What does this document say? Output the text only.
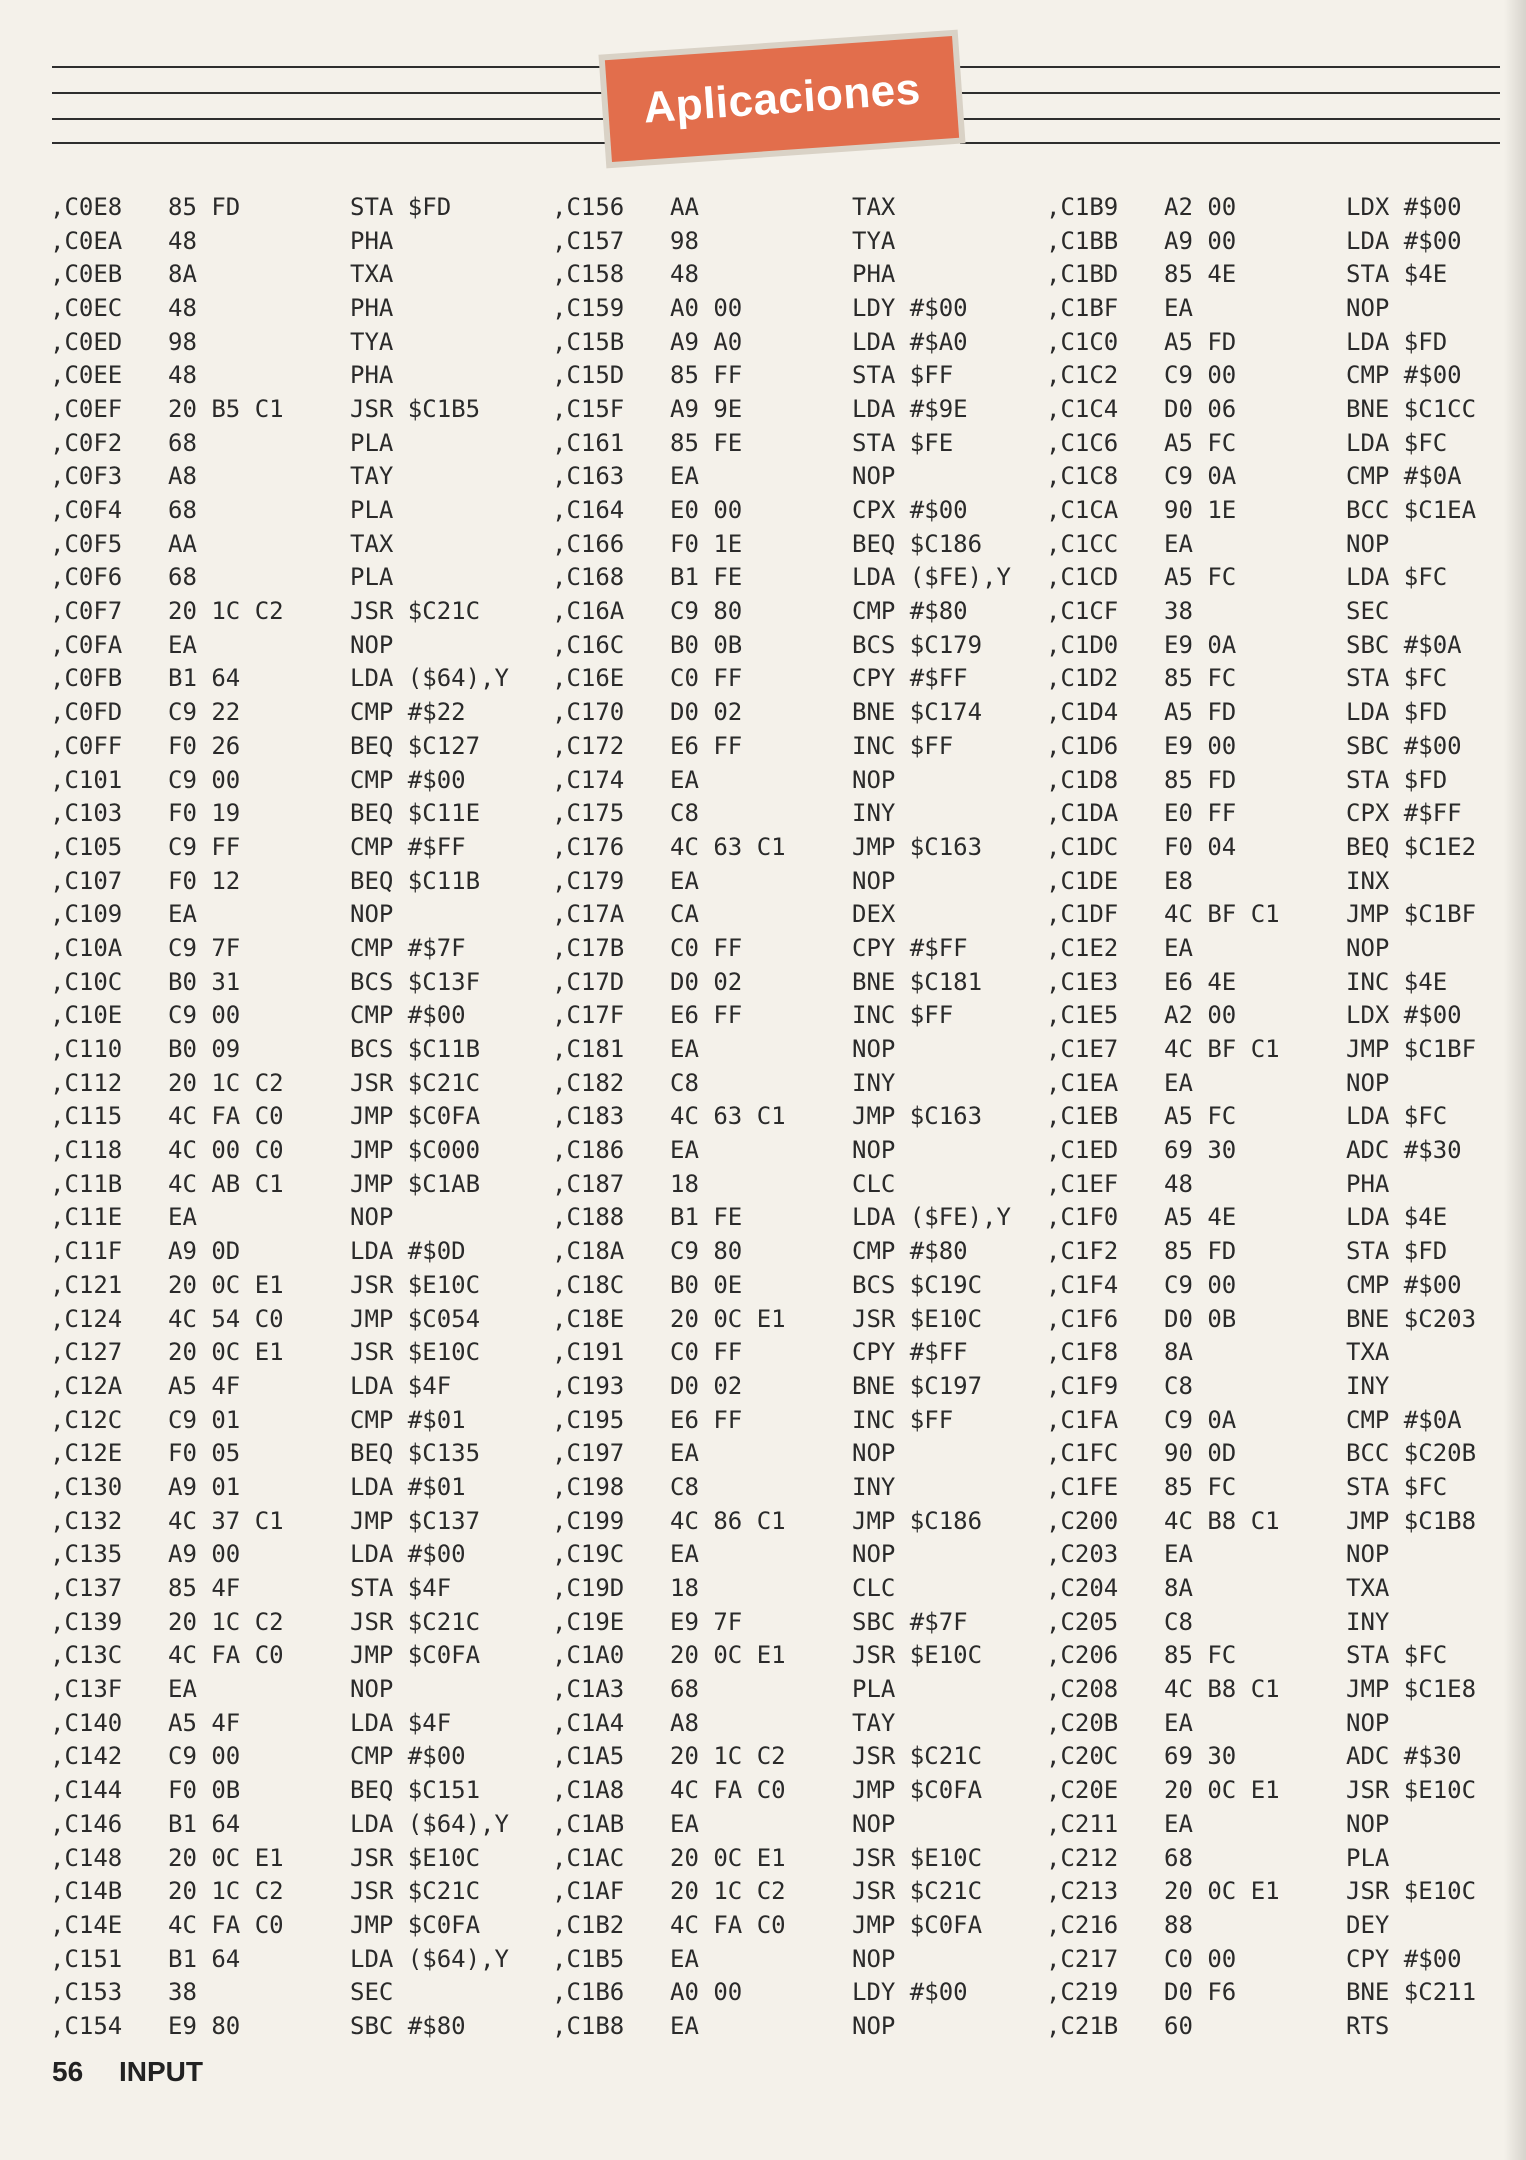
Aplicaciones
,C0E8	85 FD	STA $FD
,C0EA	48	PHA
,C0EB	8A	TXA
,C0EC	48	PHA
,C0ED	98	TYA
,C0EE	48	PHA
,C0EF	20 B5 C1	JSR $C1B5
,C0F2	68	PLA
,C0F3	A8	TAY
,C0F4	68	PLA
,C0F5	AA	TAX
,C0F6	68	PLA
,C0F7	20 1C C2	JSR $C21C
,C0FA	EA	NOP
,C0FB	B1 64	LDA ($64),Y
,C0FD	C9 22	CMP #$22
,C0FF	F0 26	BEQ $C127
,C101	C9 00	CMP #$00
,C103	F0 19	BEQ $C11E
,C105	C9 FF	CMP #$FF
,C107	F0 12	BEQ $C11B
,C109	EA	NOP
,C10A	C9 7F	CMP #$7F
,C10C	B0 31	BCS $C13F
,C10E	C9 00	CMP #$00
,C110	B0 09	BCS $C11B
,C112	20 1C C2	JSR $C21C
,C115	4C FA C0	JMP $C0FA
,C118	4C 00 C0	JMP $C000
,C11B	4C AB C1	JMP $C1AB
,C11E	EA	NOP
,C11F	A9 0D	LDA #$0D
,C121	20 0C E1	JSR $E10C
,C124	4C 54 C0	JMP $C054
,C127	20 0C E1	JSR $E10C
,C12A	A5 4F	LDA $4F
,C12C	C9 01	CMP #$01
,C12E	F0 05	BEQ $C135
,C130	A9 01	LDA #$01
,C132	4C 37 C1	JMP $C137
,C135	A9 00	LDA #$00
,C137	85 4F	STA $4F
,C139	20 1C C2	JSR $C21C
,C13C	4C FA C0	JMP $C0FA
,C13F	EA	NOP
,C140	A5 4F	LDA $4F
,C142	C9 00	CMP #$00
,C144	F0 0B	BEQ $C151
,C146	B1 64	LDA ($64),Y
,C148	20 0C E1	JSR $E10C
,C14B	20 1C C2	JSR $C21C
,C14E	4C FA C0	JMP $C0FA
,C151	B1 64	LDA ($64),Y
,C153	38	SEC
,C154	E9 80	SBC #$80
,C156	AA	TAX
,C157	98	TYA
,C158	48	PHA
,C159	A0 00	LDY #$00
,C15B	A9 A0	LDA #$A0
,C15D	85 FF	STA $FF
,C15F	A9 9E	LDA #$9E
,C161	85 FE	STA $FE
,C163	EA	NOP
,C164	E0 00	CPX #$00
,C166	F0 1E	BEQ $C186
,C168	B1 FE	LDA ($FE),Y
,C16A	C9 80	CMP #$80
,C16C	B0 0B	BCS $C179
,C16E	C0 FF	CPY #$FF
,C170	D0 02	BNE $C174
,C172	E6 FF	INC $FF
,C174	EA	NOP
,C175	C8	INY
,C176	4C 63 C1	JMP $C163
,C179	EA	NOP
,C17A	CA	DEX
,C17B	C0 FF	CPY #$FF
,C17D	D0 02	BNE $C181
,C17F	E6 FF	INC $FF
,C181	EA	NOP
,C182	C8	INY
,C183	4C 63 C1	JMP $C163
,C186	EA	NOP
,C187	18	CLC
,C188	B1 FE	LDA ($FE),Y
,C18A	C9 80	CMP #$80
,C18C	B0 0E	BCS $C19C
,C18E	20 0C E1	JSR $E10C
,C191	C0 FF	CPY #$FF
,C193	D0 02	BNE $C197
,C195	E6 FF	INC $FF
,C197	EA	NOP
,C198	C8	INY
,C199	4C 86 C1	JMP $C186
,C19C	EA	NOP
,C19D	18	CLC
,C19E	E9 7F	SBC #$7F
,C1A0	20 0C E1	JSR $E10C
,C1A3	68	PLA
,C1A4	A8	TAY
,C1A5	20 1C C2	JSR $C21C
,C1A8	4C FA C0	JMP $C0FA
,C1AB	EA	NOP
,C1AC	20 0C E1	JSR $E10C
,C1AF	20 1C C2	JSR $C21C
,C1B2	4C FA C0	JMP $C0FA
,C1B5	EA	NOP
,C1B6	A0 00	LDY #$00
,C1B8	EA	NOP
,C1B9	A2 00	LDX #$00
,C1BB	A9 00	LDA #$00
,C1BD	85 4E	STA $4E
,C1BF	EA	NOP
,C1C0	A5 FD	LDA $FD
,C1C2	C9 00	CMP #$00
,C1C4	D0 06	BNE $C1CC
,C1C6	A5 FC	LDA $FC
,C1C8	C9 0A	CMP #$0A
,C1CA	90 1E	BCC $C1EA
,C1CC	EA	NOP
,C1CD	A5 FC	LDA $FC
,C1CF	38	SEC
,C1D0	E9 0A	SBC #$0A
,C1D2	85 FC	STA $FC
,C1D4	A5 FD	LDA $FD
,C1D6	E9 00	SBC #$00
,C1D8	85 FD	STA $FD
,C1DA	E0 FF	CPX #$FF
,C1DC	F0 04	BEQ $C1E2
,C1DE	E8	INX
,C1DF	4C BF C1	JMP $C1BF
,C1E2	EA	NOP
,C1E3	E6 4E	INC $4E
,C1E5	A2 00	LDX #$00
,C1E7	4C BF C1	JMP $C1BF
,C1EA	EA	NOP
,C1EB	A5 FC	LDA $FC
,C1ED	69 30	ADC #$30
,C1EF	48	PHA
,C1F0	A5 4E	LDA $4E
,C1F2	85 FD	STA $FD
,C1F4	C9 00	CMP #$00
,C1F6	D0 0B	BNE $C203
,C1F8	8A	TXA
,C1F9	C8	INY
,C1FA	C9 0A	CMP #$0A
,C1FC	90 0D	BCC $C20B
,C1FE	85 FC	STA $FC
,C200	4C B8 C1	JMP $C1B8
,C203	EA	NOP
,C204	8A	TXA
,C205	C8	INY
,C206	85 FC	STA $FC
,C208	4C B8 C1	JMP $C1E8
,C20B	EA	NOP
,C20C	69 30	ADC #$30
,C20E	20 0C E1	JSR $E10C
,C211	EA	NOP
,C212	68	PLA
,C213	20 0C E1	JSR $E10C
,C216	88	DEY
,C217	C0 00	CPY #$00
,C219	D0 F6	BNE $C211
,C21B	60	RTS
56 INPUT
